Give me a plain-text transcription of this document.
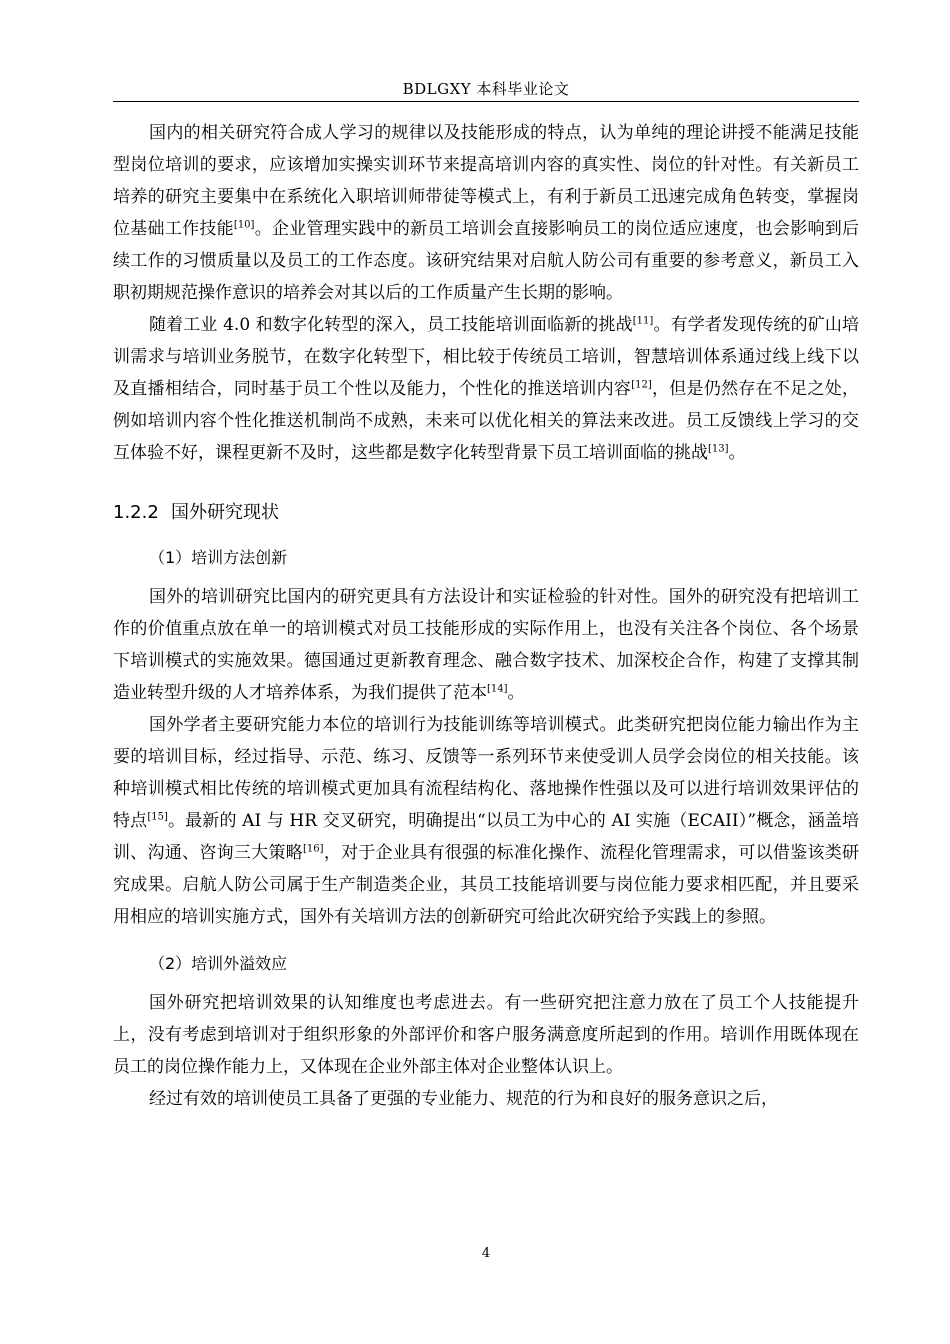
BDLGXY 本科毕业论文

国内的相关研究符合成人学习的规律以及技能形成的特点，认为单纯的理论讲授不能满足技能型岗位培训的要求，应该增加实操实训环节来提高培训内容的真实性、岗位的针对性。有关新员工培养的研究主要集中在系统化入职培训师带徒等模式上，有利于新员工迅速完成角色转变，掌握岗位基础工作技能[10]。企业管理实践中的新员工培训会直接影响员工的岗位适应速度，也会影响到后续工作的习惯质量以及员工的工作态度。该研究结果对启航人防公司有重要的参考意义，新员工入职初期规范操作意识的培养会对其以后的工作质量产生长期的影响。

随着工业 4.0 和数字化转型的深入，员工技能培训面临新的挑战[11]。有学者发现传统的矿山培训需求与培训业务脱节，在数字化转型下，相比较于传统员工培训，智慧培训体系通过线上线下以及直播相结合，同时基于员工个性以及能力，个性化的推送培训内容[12]，但是仍然存在不足之处，例如培训内容个性化推送机制尚不成熟，未来可以优化相关的算法来改进。员工反馈线上学习的交互体验不好，课程更新不及时，这些都是数字化转型背景下员工培训面临的挑战[13]。

1.2.2 国外研究现状
（1）培训方法创新

国外的培训研究比国内的研究更具有方法设计和实证检验的针对性。国外的研究没有把培训工作的价值重点放在单一的培训模式对员工技能形成的实际作用上，也没有关注各个岗位、各个场景下培训模式的实施效果。德国通过更新教育理念、融合数字技术、加深校企合作，构建了支撑其制造业转型升级的人才培养体系，为我们提供了范本[14]。

国外学者主要研究能力本位的培训行为技能训练等培训模式。此类研究把岗位能力输出作为主要的培训目标，经过指导、示范、练习、反馈等一系列环节来使受训人员学会岗位的相关技能。该种培训模式相比传统的培训模式更加具有流程结构化、落地操作性强以及可以进行培训效果评估的特点[15]。最新的 AI 与 HR 交叉研究，明确提出“以员工为中心的 AI 实施（ECAII）”概念，涵盖培训、沟通、咨询三大策略[16]，对于企业具有很强的标准化操作、流程化管理需求，可以借鉴该类研究成果。启航人防公司属于生产制造类企业，其员工技能培训要与岗位能力要求相匹配，并且要采用相应的培训实施方式，国外有关培训方法的创新研究可给此次研究给予实践上的参照。

（2）培训外溢效应

国外研究把培训效果的认知维度也考虑进去。有一些研究把注意力放在了员工个人技能提升上，没有考虑到培训对于组织形象的外部评价和客户服务满意度所起到的作用。培训作用既体现在员工的岗位操作能力上，又体现在企业外部主体对企业整体认识上。

经过有效的培训使员工具备了更强的专业能力、规范的行为和良好的服务意识之后，

4
